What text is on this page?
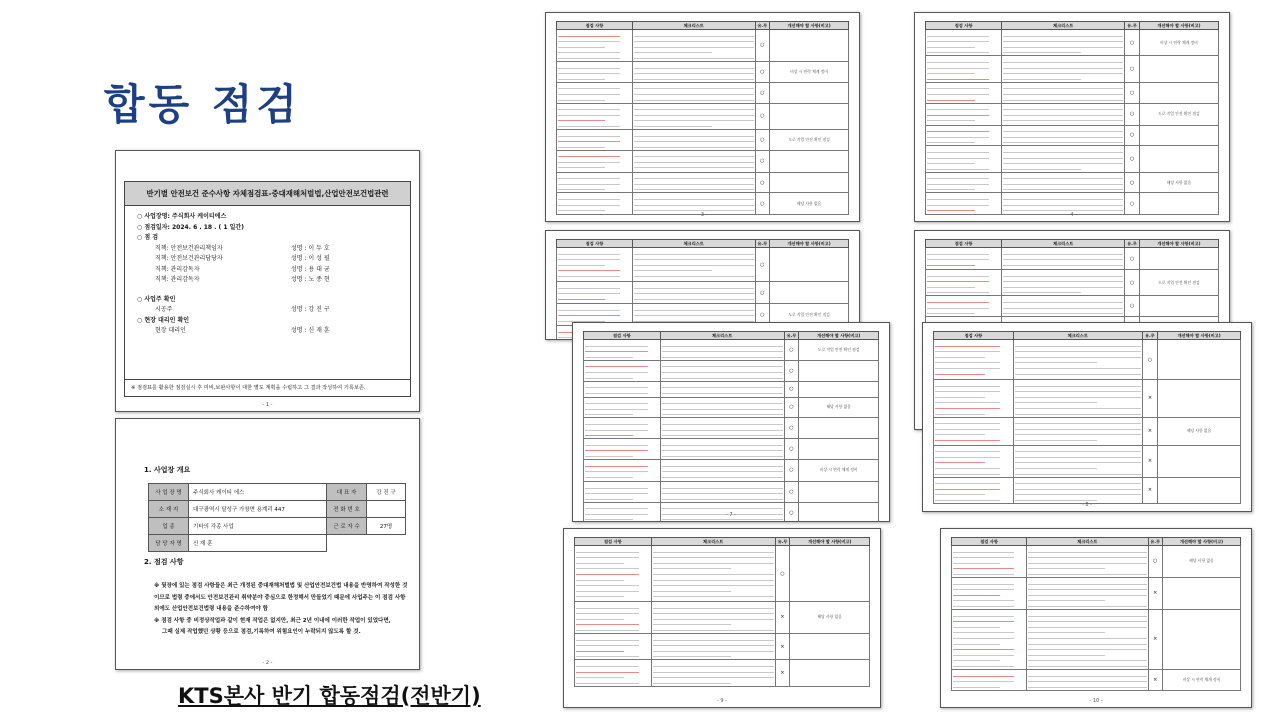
합동 점검
반기별 안전보건 준수사항 자체점검표-중대재해처벌법,산업안전보건법관련
○ 사업장명: 주식회사 케이티에스
○ 점검일자: 2024. 6 . 18 . ( 1 일간)
○ 점 검
직책: 안전보건관리책임자	성명 : 이 두 호
직책: 안전보건관리담당자	성명 : 이 성 필
직책: 관리감독자	성명 : 용 대 균
직책: 관리감독자	성명 : 노 종 현
○ 사업주 확인
시공주	성명 : 강 진 구
○ 현장 대리인 확인
현장 대리인	성명 : 신 재 훈
※ 점검표를 활용한 점검실시 후 미비,보완사항이 대한 별도 계획을 수립하고 그 결과 작성하여 기록보존.
- 1 -
1. 사업장 개요
사 업 장 명	주식회사 케이티 에스	대 표 자	강 진 구
소 재 지	대구광역시 달성구 가창면 용계리 447	전 화 번 호	
업 종	기타의 각종 사업	근 로 자 수	27명
담 당 자 명	신 재 훈		
2. 점검 사항
※ 뒷장에 있는 점검 사항들은 최근 개정된 중대재해처벌법 및 산업안전보건법 내용을 반영하여 작성한 것이므로 법령 중에서도 안전보건관리 취약분야 중심으로 한정해서 만들었기 때문에 사업주는 이 점검 사항 외에도 산업안전보건법령 내용을 준수하여야 함
※ 점검 사항 중 비정상작업과 같이 현재 작업은 없지만, 최근 2년 이내에 이러한 작업이 있었다면,
그때 실제 작업했던 상황 등으로 점검,기록하여 위험요인이 누락되지 않도록 할 것.
- 2 -
점검 사항	체크리스트	유.무	개선해야 할 사항(비고)

	○	

	○	비상 시 연락 체계 정비

	○	

	○	

	○	도로 작업 안전 확인 점검

	○	

	○	

	○	해당 사항 없음
- 3 -
점검 사항	체크리스트	유.무	개선해야 할 사항(비고)

	○	비상 시 연락 체계 정비

	○	

	○	

	○	도로 작업 안전 확인 점검

	○	

	○	

	○	해당 사항 없음

	○	
- 4 -
점검 사항	체크리스트	유.무	개선해야 할 사항(비고)

	○	

	○	

	○	도로 작업 안전 확인 점검

점검 사항	체크리스트	유.무	개선해야 할 사항(비고)

	○	

	○	도로 작업 안전 확인 점검

	○	

점검 사항	체크리스트	유.무	개선해야 할 사항(비고)

	○	도로 작업 안전 확인 점검

	○	

	○	

	○	해당 사항 없음

	○	

	○	

	○	비상 시 연락 체계 정비

	○	

	○	
- 7 -
점검 사항	체크리스트	유.무	개선해야 할 사항(비고)

	○	

	×	

	×	해당 사항 없음

	×	

	×	
- 8 -
점검 사항	체크리스트	유.무	개선해야 할 사항(비고)

	○	

	×	해당 사항 없음

	×	

	×	
- 9 -
점검 사항	체크리스트	유.무	개선해야 할 사항(비고)

	○	해당 사항 없음

	×	

	×	

	×	비상 시 연락 체계 정비
- 10 -
KTS본사 반기 합동점검(전반기)
